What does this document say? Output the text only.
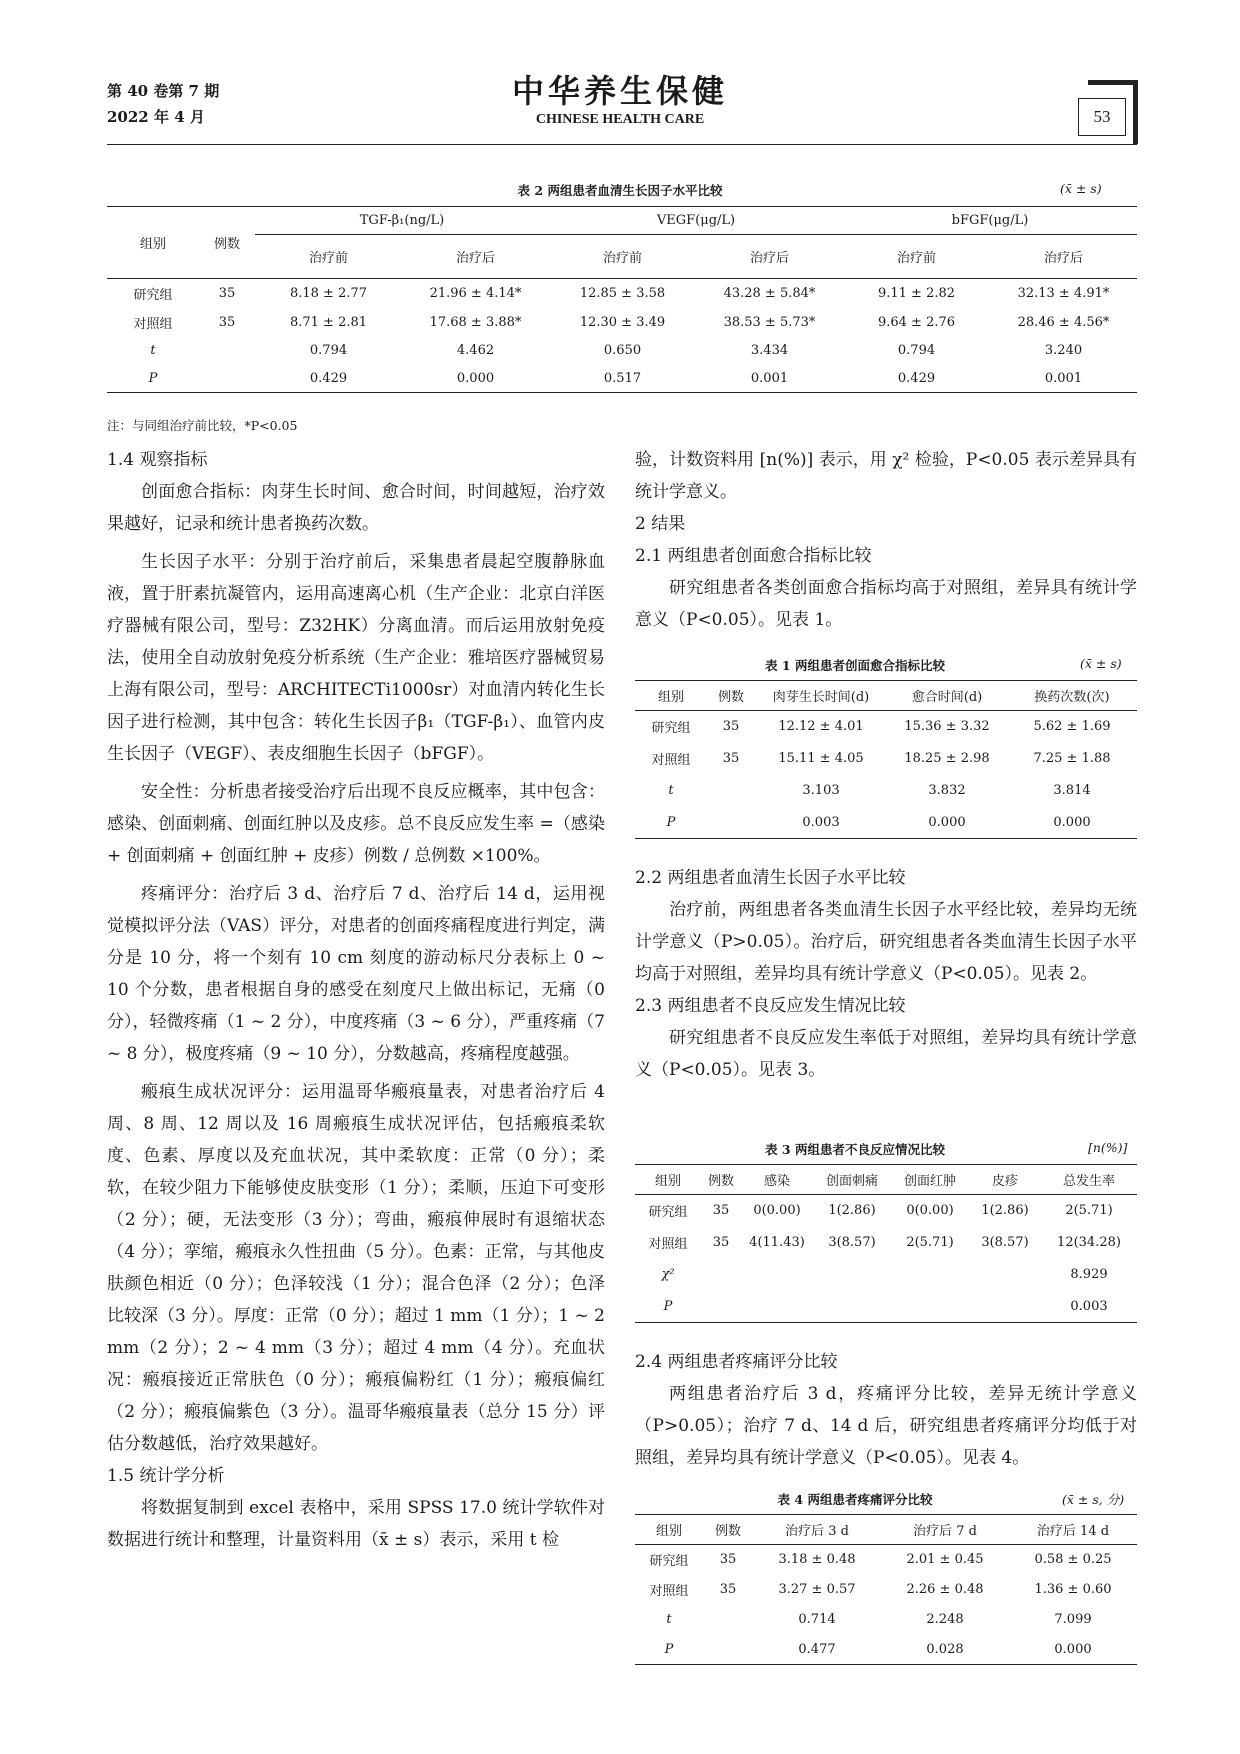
第 40 卷第 7 期
2022 年 4 月
中华养生保健
CHINESE HEALTH CARE	53
表 2 两组患者血清生长因子水平比较	(x̄ ± s)
组别	例数	TGF-β₁(ng/L)		VEGF(μg/L)		bFGF(μg/L)	
		治疗前	治疗后	治疗前	治疗后	治疗前	治疗后
研究组	35	8.18 ± 2.77	21.96 ± 4.14*	12.85 ± 3.58	43.28 ± 5.84*	9.11 ± 2.82	32.13 ± 4.91*
对照组	35	8.71 ± 2.81	17.68 ± 3.88*	12.30 ± 3.49	38.53 ± 5.73*	9.64 ± 2.76	28.46 ± 4.56*
t		0.794	4.462	0.650	3.434	0.794	3.240
P		0.429	0.000	0.517	0.001	0.429	0.001
注：与同组治疗前比较，*P<0.05

1.4 观察指标

创面愈合指标：肉芽生长时间、愈合时间，时间越短，治疗效果越好，记录和统计患者换药次数。

生长因子水平：分别于治疗前后，采集患者晨起空腹静脉血液，置于肝素抗凝管内，运用高速离心机（生产企业：北京白洋医疗器械有限公司，型号：Z32HK）分离血清。而后运用放射免疫法，使用全自动放射免疫分析系统（生产企业：雅培医疗器械贸易上海有限公司，型号：ARCHITECTi1000sr）对血清内转化生长因子进行检测，其中包含：转化生长因子β₁（TGF-β₁）、血管内皮生长因子（VEGF）、表皮细胞生长因子（bFGF）。

安全性：分析患者接受治疗后出现不良反应概率，其中包含：感染、创面刺痛、创面红肿以及皮疹。总不良反应发生率 =（感染 + 创面刺痛 + 创面红肿 + 皮疹）例数 / 总例数 ×100%。

疼痛评分：治疗后 3 d、治疗后 7 d、治疗后 14 d，运用视觉模拟评分法（VAS）评分，对患者的创面疼痛程度进行判定，满分是 10 分，将一个刻有 10 cm 刻度的游动标尺分表标上 0 ~ 10 个分数，患者根据自身的感受在刻度尺上做出标记，无痛（0 分），轻微疼痛（1 ~ 2 分），中度疼痛（3 ~ 6 分），严重疼痛（7 ~ 8 分），极度疼痛（9 ~ 10 分），分数越高，疼痛程度越强。

瘢痕生成状况评分：运用温哥华瘢痕量表，对患者治疗后 4 周、8 周、12 周以及 16 周瘢痕生成状况评估，包括瘢痕柔软度、色素、厚度以及充血状况，其中柔软度：正常（0 分）；柔软，在较少阻力下能够使皮肤变形（1 分）；柔顺，压迫下可变形（2 分）；硬，无法变形（3 分）；弯曲，瘢痕伸展时有退缩状态（4 分）；挛缩，瘢痕永久性扭曲（5 分）。色素：正常，与其他皮肤颜色相近（0 分）；色泽较浅（1 分）；混合色泽（2 分）；色泽比较深（3 分）。厚度：正常（0 分）；超过 1 mm（1 分）；1 ~ 2 mm（2 分）；2 ~ 4 mm（3 分）；超过 4 mm（4 分）。充血状况：瘢痕接近正常肤色（0 分）；瘢痕偏粉红（1 分）；瘢痕偏红（2 分）；瘢痕偏紫色（3 分）。温哥华瘢痕量表（总分 15 分）评估分数越低，治疗效果越好。

1.5 统计学分析

将数据复制到 excel 表格中，采用 SPSS 17.0 统计学软件对数据进行统计和整理，计量资料用（x̄ ± s）表示，采用 t 检

验，计数资料用 [n(%)] 表示，用 χ² 检验，P<0.05 表示差异具有统计学意义。

2 结果

2.1 两组患者创面愈合指标比较

研究组患者各类创面愈合指标均高于对照组，差异具有统计学意义（P<0.05）。见表 1。

表 1 两组患者创面愈合指标比较	(x̄ ± s)
组别	例数	肉芽生长时间(d)	愈合时间(d)	换药次数(次)
研究组	35	12.12 ± 4.01	15.36 ± 3.32	5.62 ± 1.69
对照组	35	15.11 ± 4.05	18.25 ± 2.98	7.25 ± 1.88
t		3.103	3.832	3.814
P		0.003	0.000	0.000

2.2 两组患者血清生长因子水平比较

治疗前，两组患者各类血清生长因子水平经比较，差异均无统计学意义（P>0.05）。治疗后，研究组患者各类血清生长因子水平均高于对照组，差异均具有统计学意义（P<0.05）。见表 2。

2.3 两组患者不良反应发生情况比较

研究组患者不良反应发生率低于对照组，差异均具有统计学意义（P<0.05）。见表 3。

表 3 两组患者不良反应情况比较	[n(%)]
组别	例数	感染	创面刺痛	创面红肿	皮疹	总发生率
研究组	35	0(0.00)	1(2.86)	0(0.00)	1(2.86)	2(5.71)
对照组	35	4(11.43)	3(8.57)	2(5.71)	3(8.57)	12(34.28)
χ²						8.929
P						0.003

2.4 两组患者疼痛评分比较

两组患者治疗后 3 d，疼痛评分比较，差异无统计学意义（P>0.05）；治疗 7 d、14 d 后，研究组患者疼痛评分均低于对照组，差异均具有统计学意义（P<0.05）。见表 4。

表 4 两组患者疼痛评分比较	(x̄ ± s, 分)
组别	例数	治疗后 3 d	治疗后 7 d	治疗后 14 d
研究组	35	3.18 ± 0.48	2.01 ± 0.45	0.58 ± 0.25
对照组	35	3.27 ± 0.57	2.26 ± 0.48	1.36 ± 0.60
t		0.714	2.248	7.099
P		0.477	0.028	0.000
